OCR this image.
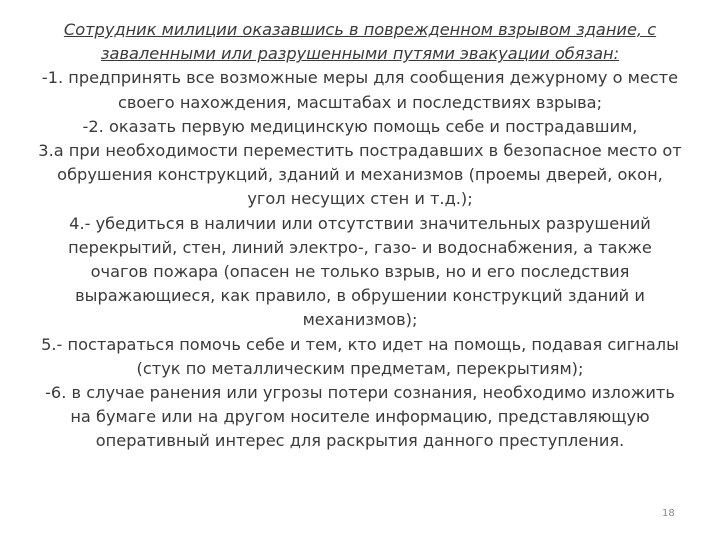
Сотрудник милиции оказавшись в поврежденном взрывом здание, с заваленными или разрушенными путями эвакуации обязан:

-1. предпринять все возможные меры для сообщения дежурному о месте своего нахождения, масштабах и последствиях взрыва;

-2. оказать первую медицинскую помощь себе и пострадавшим,

3.а при необходимости переместить пострадавших в безопасное место от обрушения конструкций, зданий и механизмов (проемы дверей, окон, угол несущих стен и т.д.);

4.- убедиться в наличии или отсутствии значительных разрушений перекрытий, стен, линий электро-, газо- и водоснабжения, а также очагов пожара (опасен не только взрыв, но и его последствия выражающиеся, как правило, в обрушении конструкций зданий и механизмов);

5.- постараться помочь себе и тем, кто идет на помощь, подавая сигналы (стук по металлическим предметам, перекрытиям);

-6. в случае ранения или угрозы потери сознания, необходимо изложить на бумаге или на другом носителе информацию, представляющую оперативный интерес для раскрытия данного преступления.

18
